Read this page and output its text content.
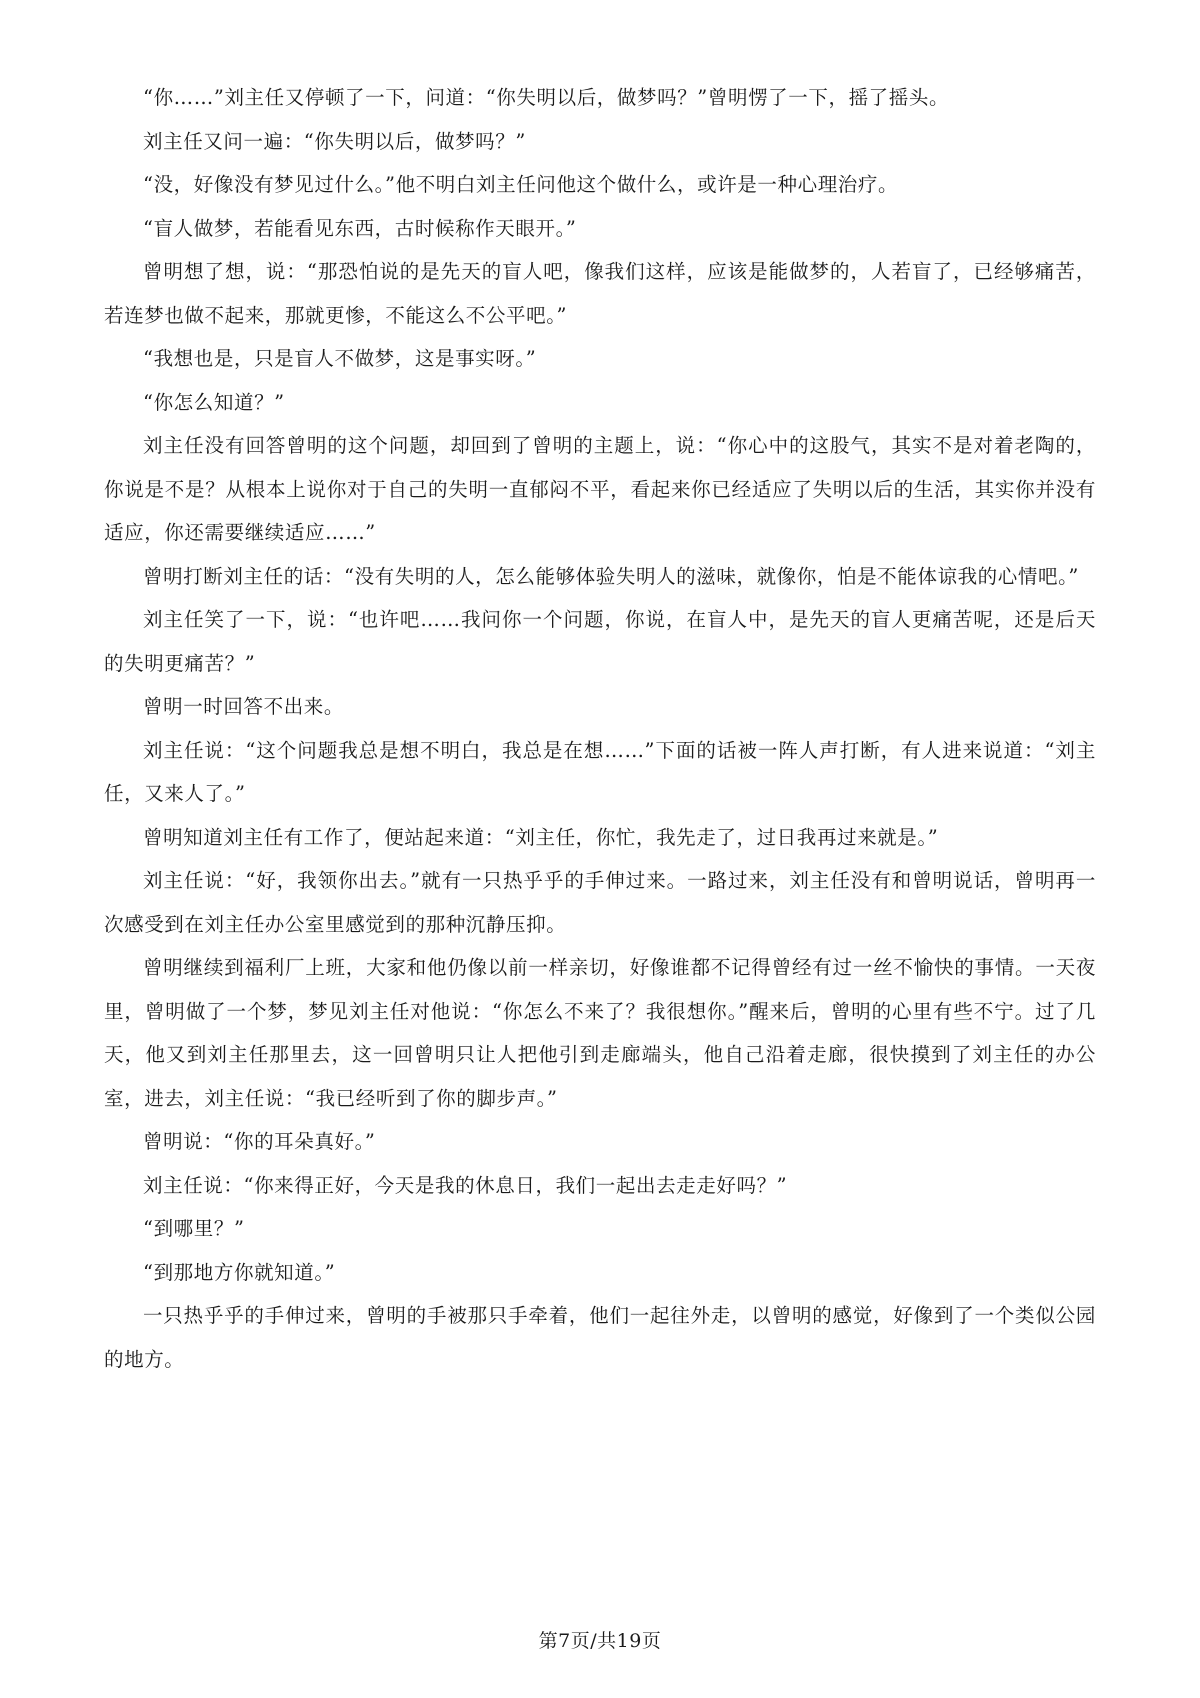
“你……”刘主任又停顿了一下，问道：“你失明以后，做梦吗？”曾明愣了一下，摇了摇头。

刘主任又问一遍：“你失明以后，做梦吗？”

“没，好像没有梦见过什么。”他不明白刘主任问他这个做什么，或许是一种心理治疗。

“盲人做梦，若能看见东西，古时候称作天眼开。”

曾明想了想，说：“那恐怕说的是先天的盲人吧，像我们这样，应该是能做梦的，人若盲了，已经够痛苦，若连梦也做不起来，那就更惨，不能这么不公平吧。”

“我想也是，只是盲人不做梦，这是事实呀。”

“你怎么知道？”

刘主任没有回答曾明的这个问题，却回到了曾明的主题上，说：“你心中的这股气，其实不是对着老陶的，你说是不是？从根本上说你对于自己的失明一直郁闷不平，看起来你已经适应了失明以后的生活，其实你并没有适应，你还需要继续适应……”

曾明打断刘主任的话：“没有失明的人，怎么能够体验失明人的滋味，就像你，怕是不能体谅我的心情吧。”

刘主任笑了一下，说：“也许吧……我问你一个问题，你说，在盲人中，是先天的盲人更痛苦呢，还是后天的失明更痛苦？”

曾明一时回答不出来。

刘主任说：“这个问题我总是想不明白，我总是在想……”下面的话被一阵人声打断，有人进来说道：“刘主任，又来人了。”

曾明知道刘主任有工作了，便站起来道：“刘主任，你忙，我先走了，过日我再过来就是。”

刘主任说：“好，我领你出去。”就有一只热乎乎的手伸过来。一路过来，刘主任没有和曾明说话，曾明再一次感受到在刘主任办公室里感觉到的那种沉静压抑。

曾明继续到福利厂上班，大家和他仍像以前一样亲切，好像谁都不记得曾经有过一丝不愉快的事情。一天夜里，曾明做了一个梦，梦见刘主任对他说：“你怎么不来了？我很想你。”醒来后，曾明的心里有些不宁。过了几天，他又到刘主任那里去，这一回曾明只让人把他引到走廊端头，他自己沿着走廊，很快摸到了刘主任的办公室，进去，刘主任说：“我已经听到了你的脚步声。”

曾明说：“你的耳朵真好。”

刘主任说：“你来得正好，今天是我的休息日，我们一起出去走走好吗？”

“到哪里？”

“到那地方你就知道。”

一只热乎乎的手伸过来，曾明的手被那只手牵着，他们一起往外走，以曾明的感觉，好像到了一个类似公园的地方。

第7页/共19页
